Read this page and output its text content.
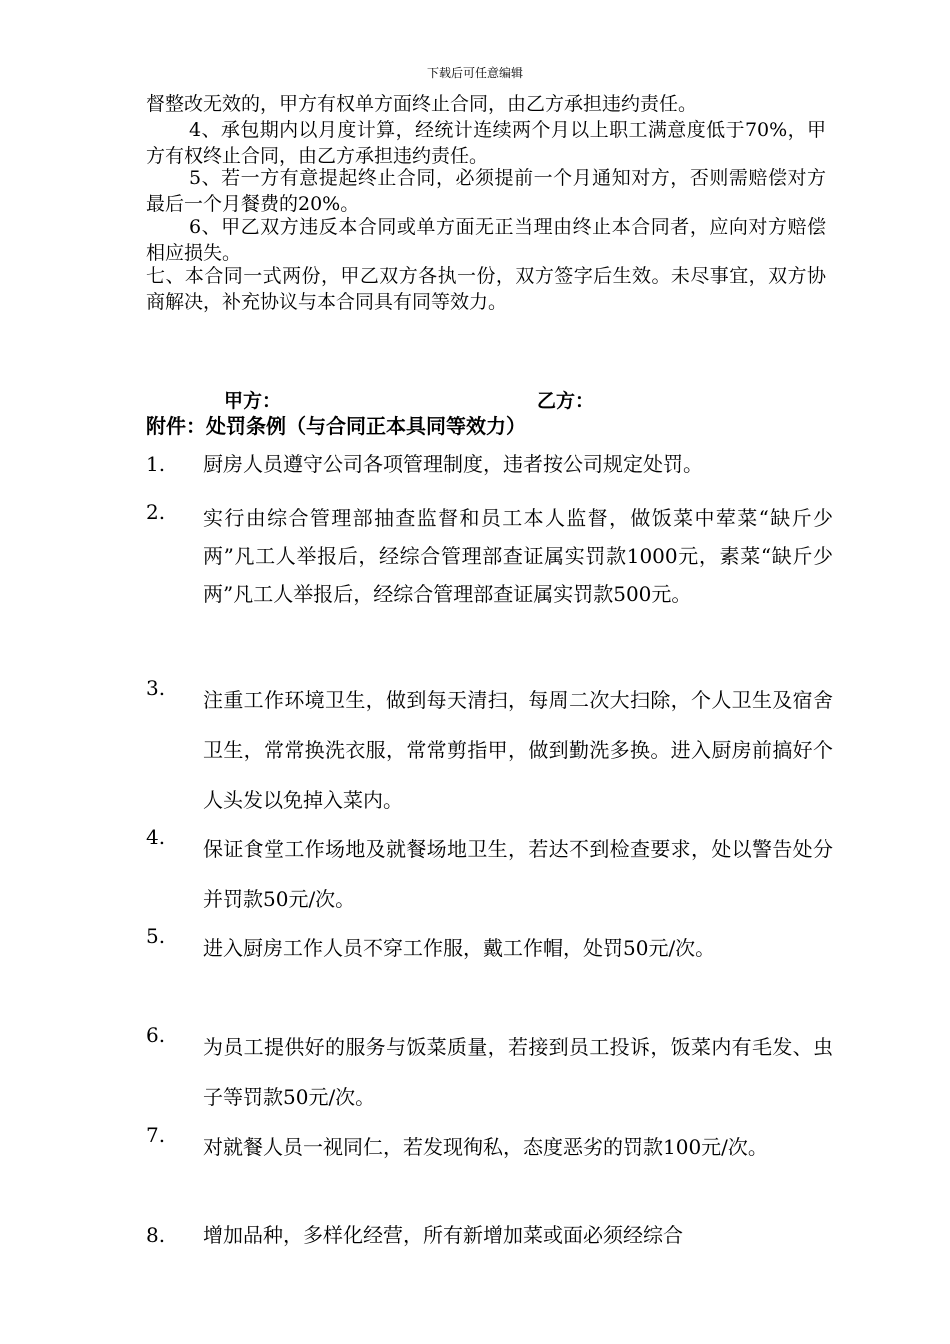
下载后可任意编辑

督整改无效的，甲方有权单方面终止合同，由乙方承担违约责任。

4、承包期内以月度计算，经统计连续两个月以上职工满意度低于70%，甲方有权终止合同，由乙方承担违约责任。

5、若一方有意提起终止合同，必须提前一个月通知对方，否则需赔偿对方最后一个月餐费的20%。

6、甲乙双方违反本合同或单方面无正当理由终止本合同者，应向对方赔偿相应损失。

七、本合同一式两份，甲乙双方各执一份，双方签字后生效。未尽事宜，双方协商解决，补充协议与本合同具有同等效力。

甲方：	乙方：
附件：处罚条例（与合同正本具同等效力）
1. 厨房人员遵守公司各项管理制度，违者按公司规定处罚。
2. 实行由综合管理部抽查监督和员工本人监督，做饭菜中荤菜“缺斤少两”凡工人举报后，经综合管理部查证属实罚款1000元，素菜“缺斤少两”凡工人举报后，经综合管理部查证属实罚款500元。
3. 注重工作环境卫生，做到每天清扫，每周二次大扫除，个人卫生及宿舍卫生，常常换洗衣服，常常剪指甲，做到勤洗多换。进入厨房前搞好个人头发以免掉入菜内。
4. 保证食堂工作场地及就餐场地卫生，若达不到检查要求，处以警告处分并罚款50元/次。
5. 进入厨房工作人员不穿工作服，戴工作帽，处罚50元/次。
6. 为员工提供好的服务与饭菜质量，若接到员工投诉，饭菜内有毛发、虫子等罚款50元/次。
7. 对就餐人员一视同仁，若发现徇私，态度恶劣的罚款100元/次。
8. 增加品种，多样化经营，所有新增加菜或面必须经综合
